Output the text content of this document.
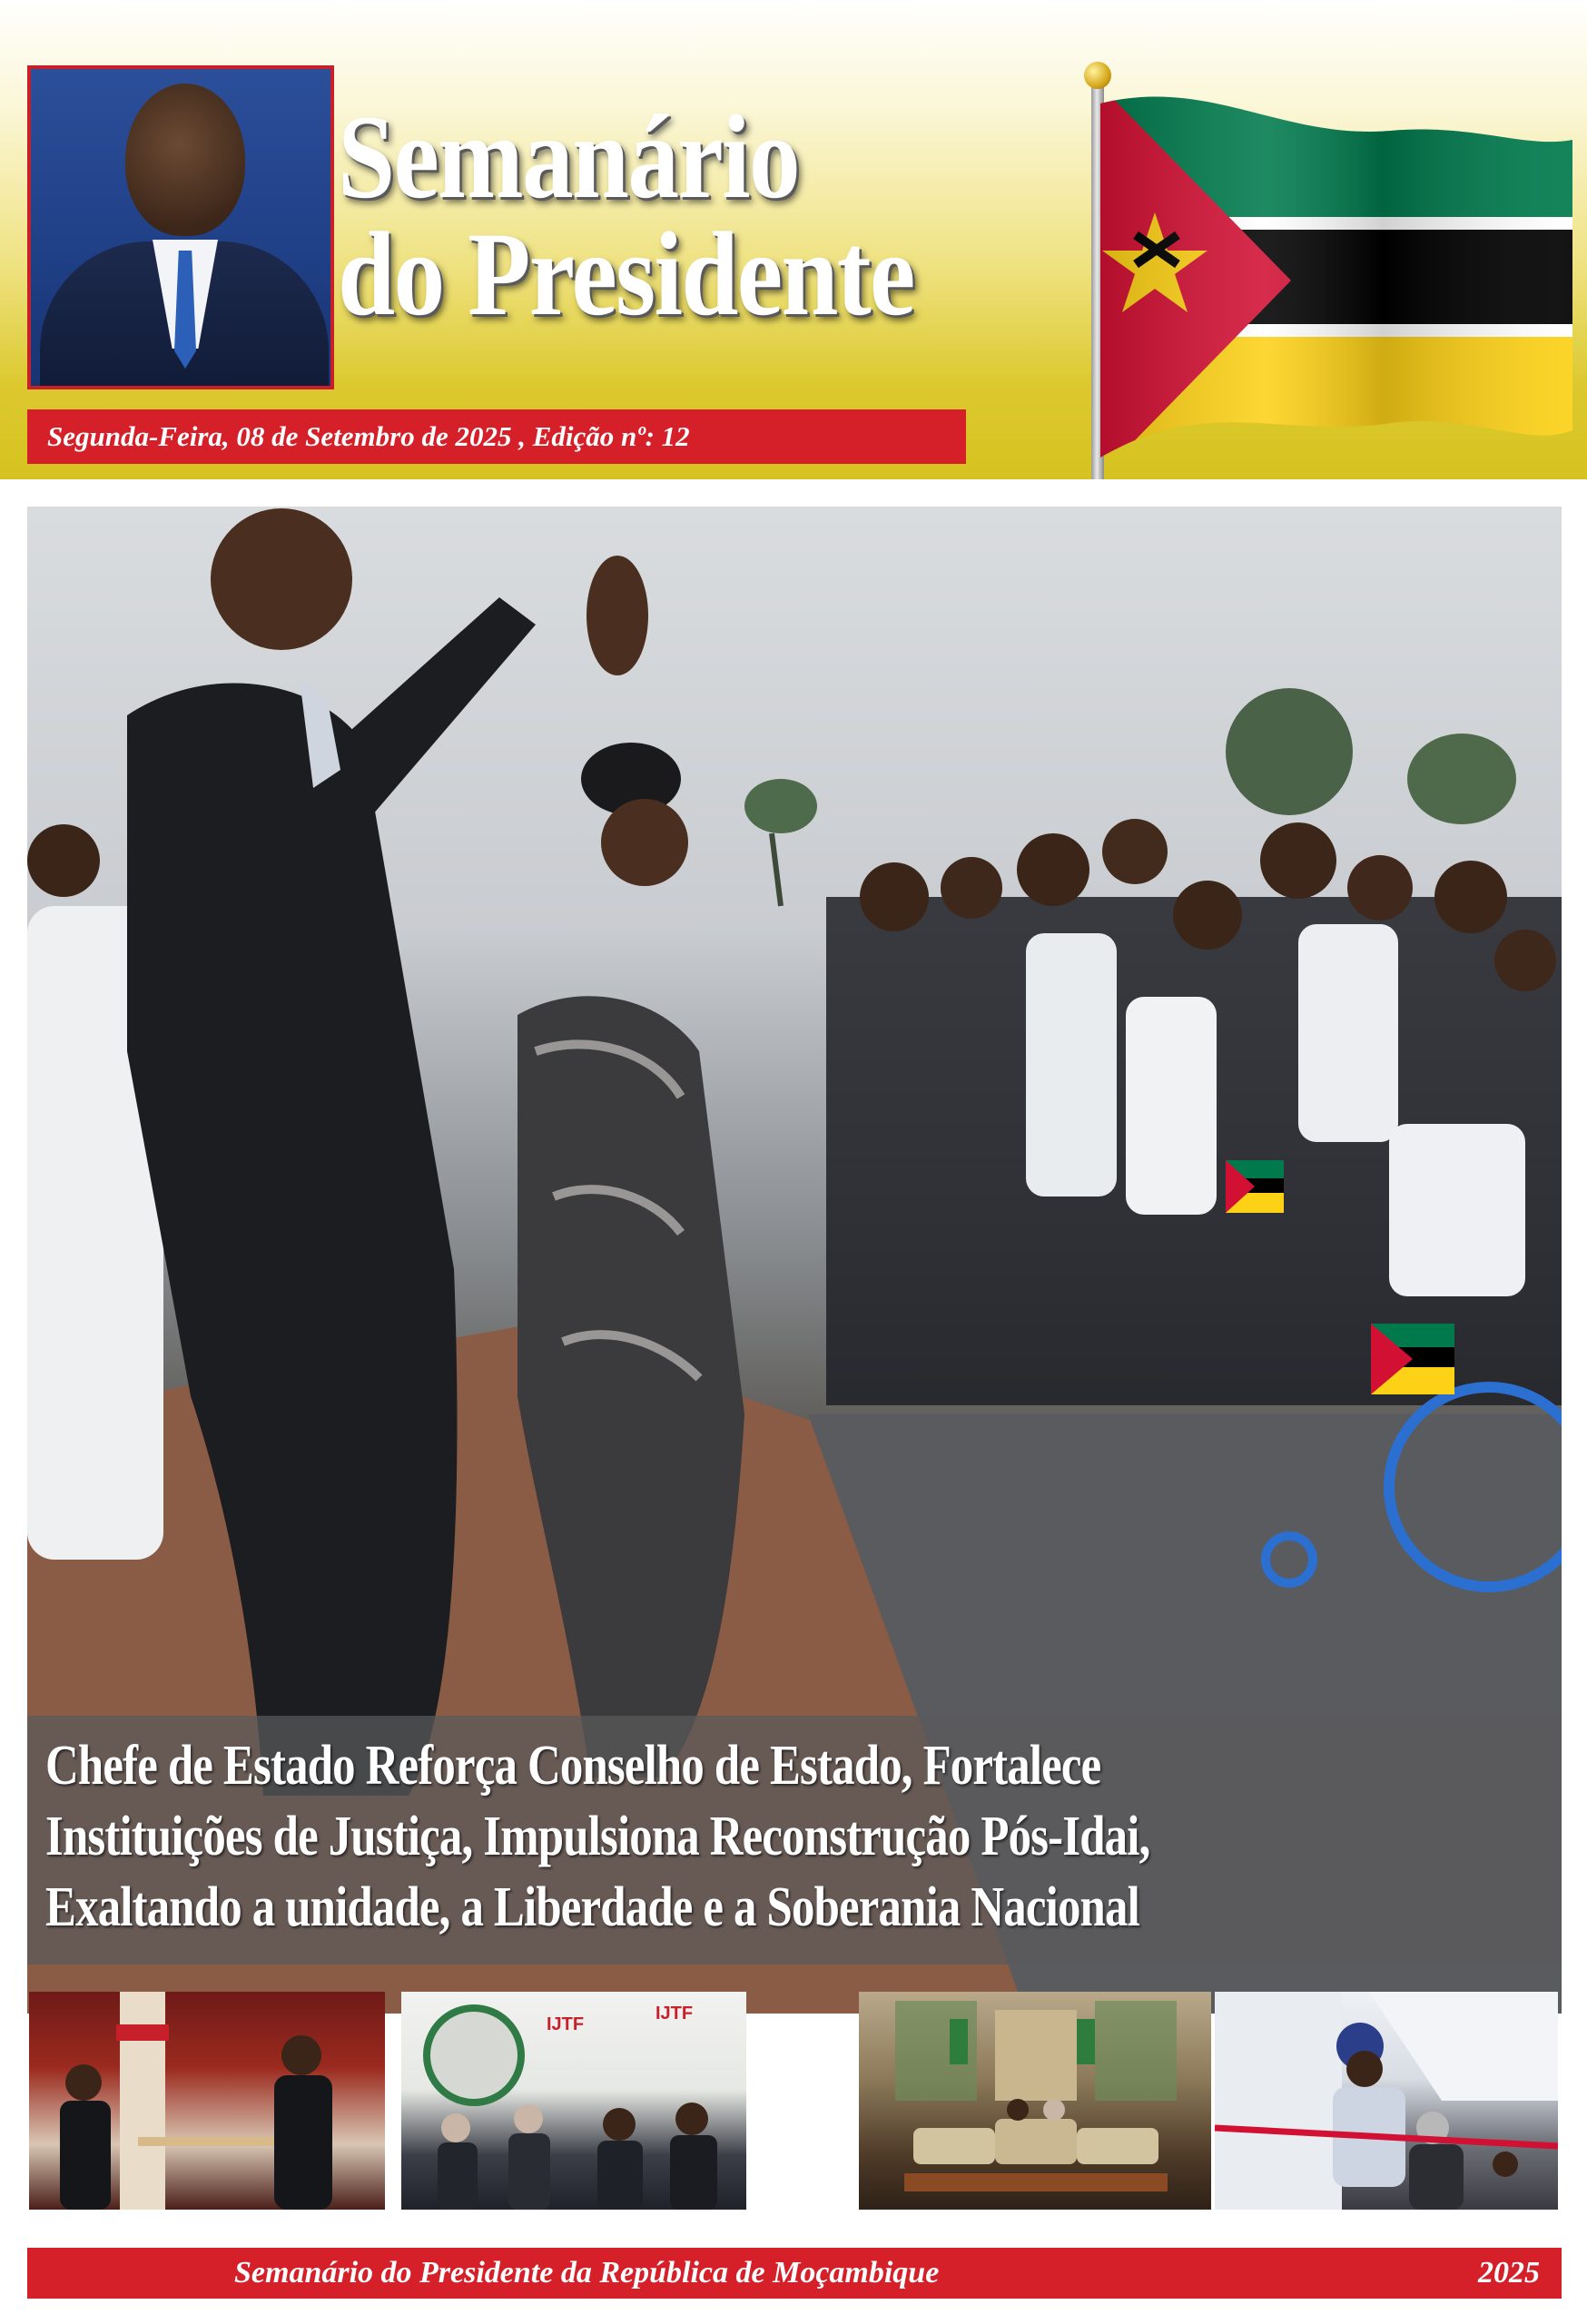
Semanário
do Presidente
Segunda-Feira, 08 de Setembro de 2025 , Edição nº: 12
Chefe de Estado Reforça Conselho de Estado, Fortalece
Instituições de Justiça, Impulsiona Reconstrução Pós-Idai,
Exaltando a unidade, a Liberdade e a Soberania Nacional
IJTF
IJTF
Semanário do Presidente da República de Moçambique	2025
